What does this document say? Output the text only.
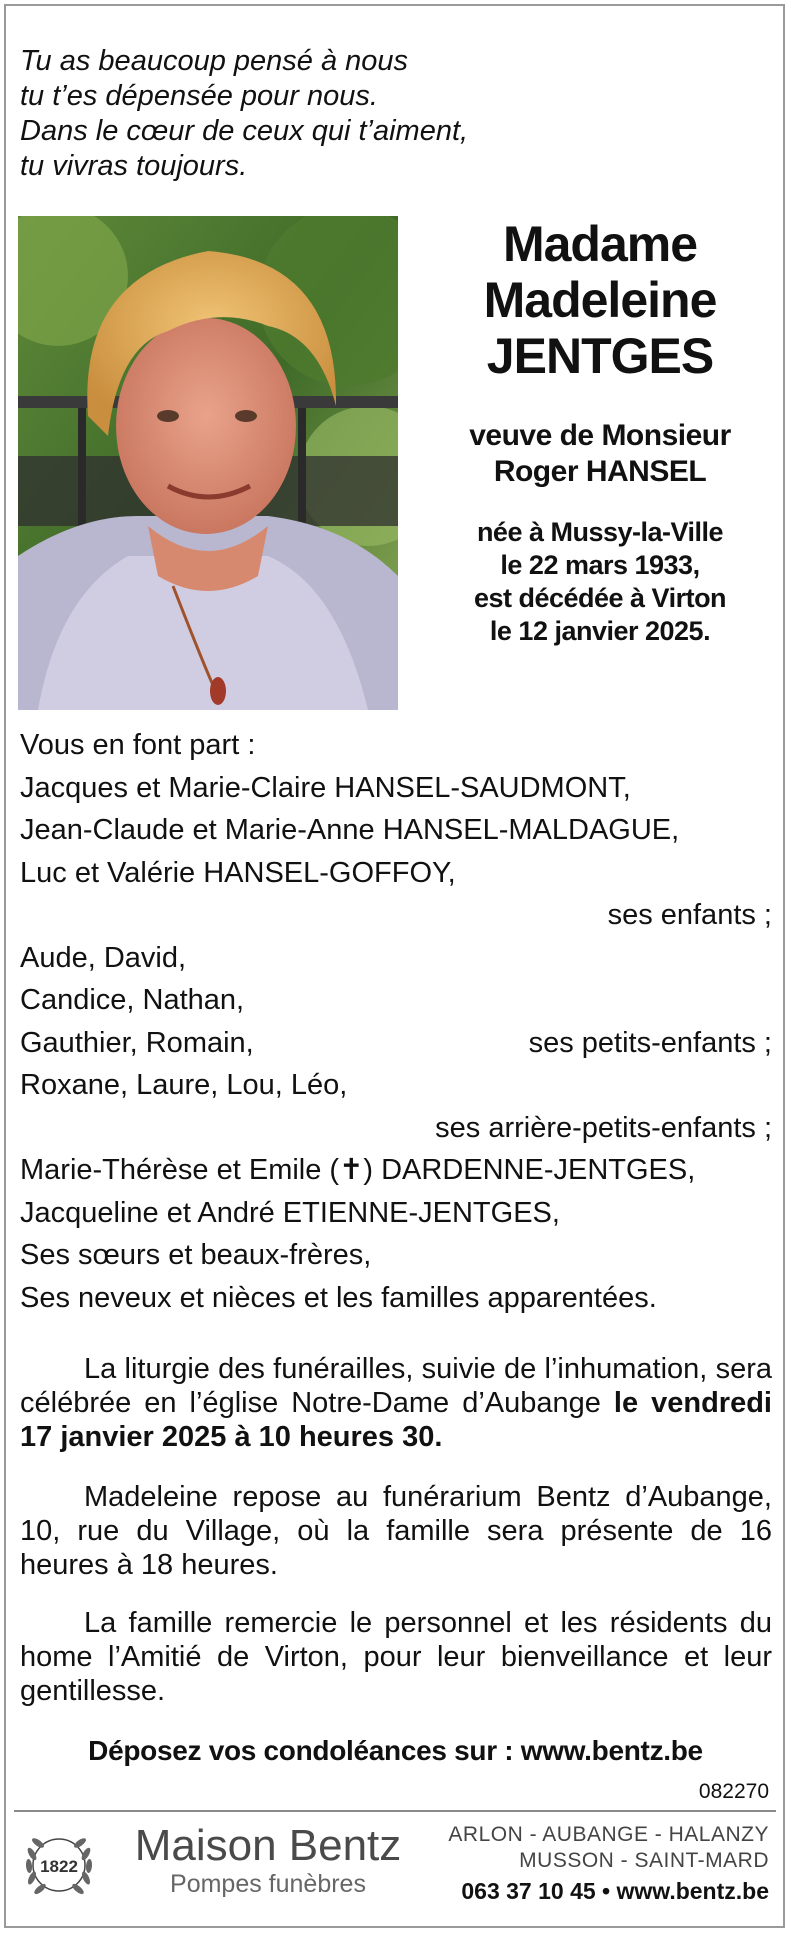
Tu as beaucoup pensé à nous
tu t’es dépensée pour nous.
Dans le cœur de ceux qui t’aiment,
tu vivras toujours.
Madame
Madeleine
JENTGES
veuve de Monsieur
Roger HANSEL
née à Mussy-la-Ville
le 22 mars 1933,
est décédée à Virton
le 12 janvier 2025.
Vous en font part :
Jacques et Marie-Claire HANSEL-SAUDMONT,
Jean-Claude et Marie-Anne HANSEL-MALDAGUE,
Luc et Valérie HANSEL-GOFFOY,
ses enfants ;
Aude, David,
Candice, Nathan,
Gauthier, Romain,	ses petits-enfants ;
Roxane, Laure, Lou, Léo,
ses arrière-petits-enfants ;
Marie-Thérèse et Emile (✝) DARDENNE-JENTGES,
Jacqueline et André ETIENNE-JENTGES,
Ses sœurs et beaux-frères,
Ses neveux et nièces et les familles apparentées.
La liturgie des funérailles, suivie de l’inhumation, sera célébrée en l’église Notre-Dame d’Aubange le vendredi 17 janvier 2025 à 10 heures 30.
Madeleine repose au funérarium Bentz d’Aubange, 10, rue du Village, où la famille sera présente de 16 heures à 18 heures.
La famille remercie le personnel et les résidents du home l’Amitié de Virton, pour leur bienveillance et leur gentillesse.
Déposez vos condoléances sur : www.bentz.be
082270
1822	Maison Bentz
Pompes funèbres
ARLON - AUBANGE - HALANZY
MUSSON - SAINT-MARD
063 37 10 45 • www.bentz.be
